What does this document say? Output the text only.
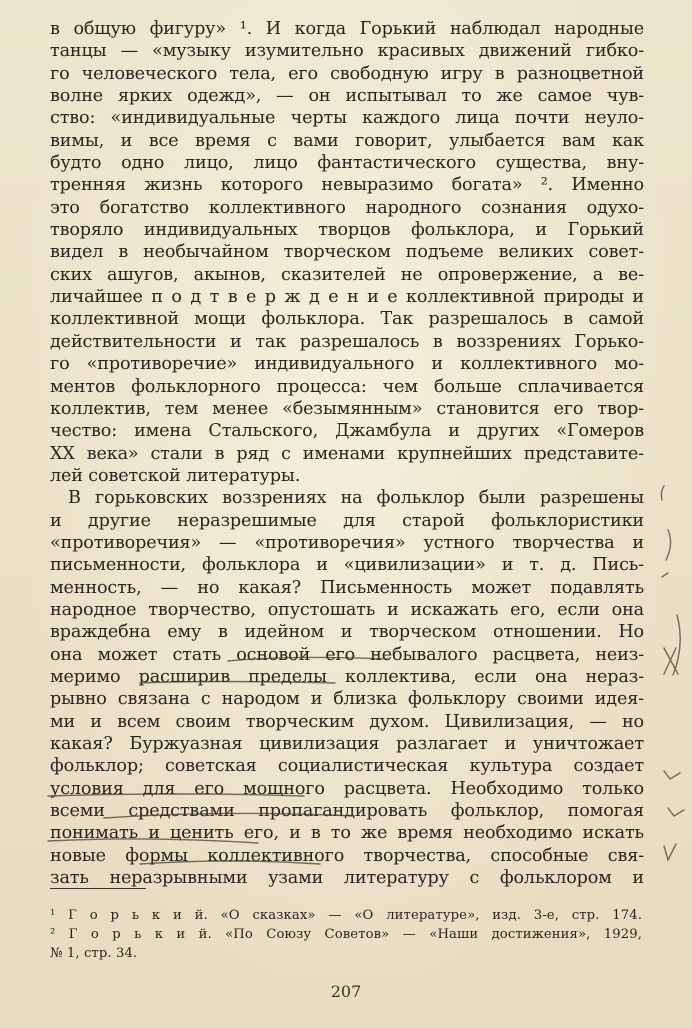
в общую фигуру» ¹. И когда Горький наблюдал народные
танцы — «музыку изумительно красивых движений гибко-
го человеческого тела, его свободную игру в разноцветной
волне ярких одежд», — он испытывал то же самое чув-
ство: «индивидуальные черты каждого лица почти неуло-
вимы, и все время с вами говорит, улыбается вам как
будто одно лицо, лицо фантастического существа, вну-
тренняя жизнь которого невыразимо богата» ². Именно
это богатство коллективного народного сознания одухо-
творяло индивидуальных творцов фольклора, и Горький
видел в необычайном творческом подъеме великих совет-
ских ашугов, акынов, сказителей не опровержение, а ве-
личайшее п о д т в е р ж д е н и е коллективной природы и
коллективной мощи фольклора. Так разрешалось в самой
действительности и так разрешалось в воззрениях Горько-
го «противоречие» индивидуального и коллективного мо-
ментов фольклорного процесса: чем больше сплачивается
коллектив, тем менее «безымянным» становится его твор-
чество: имена Стальского, Джамбула и других «Гомеров
XX века» стали в ряд с именами крупнейших представите-
лей советской литературы.
В горьковских воззрениях на фольклор были разрешены
и другие неразрешимые для старой фольклористики
«противоречия» — «противоречия» устного творчества и
письменности, фольклора и «цивилизации» и т. д. Пись-
менность, — но какая? Письменность может подавлять
народное творчество, опустошать и искажать его, если она
враждебна ему в идейном и творческом отношении. Но
она может стать основой его небывалого расцвета, неиз-
меримо расширив пределы коллектива, если она нераз-
рывно связана с народом и близка фольклору своими идея-
ми и всем своим творческим духом. Цивилизация, — но
какая? Буржуазная цивилизация разлагает и уничтожает
фольклор; советская социалистическая культура создает
условия для его мощного расцвета. Необходимо только
всеми средствами пропагандировать фольклор, помогая
понимать и ценить его, и в то же время необходимо искать
новые формы коллективного творчества, способные свя-
зать неразрывными узами литературу с фольклором и
¹ Г о р ь к и й. «О сказках» — «О литературе», изд. 3-е, стр. 174.
² Г о р ь к и й. «По Союзу Советов» — «Наши достижения», 1929,
№ 1, стр. 34.
207
